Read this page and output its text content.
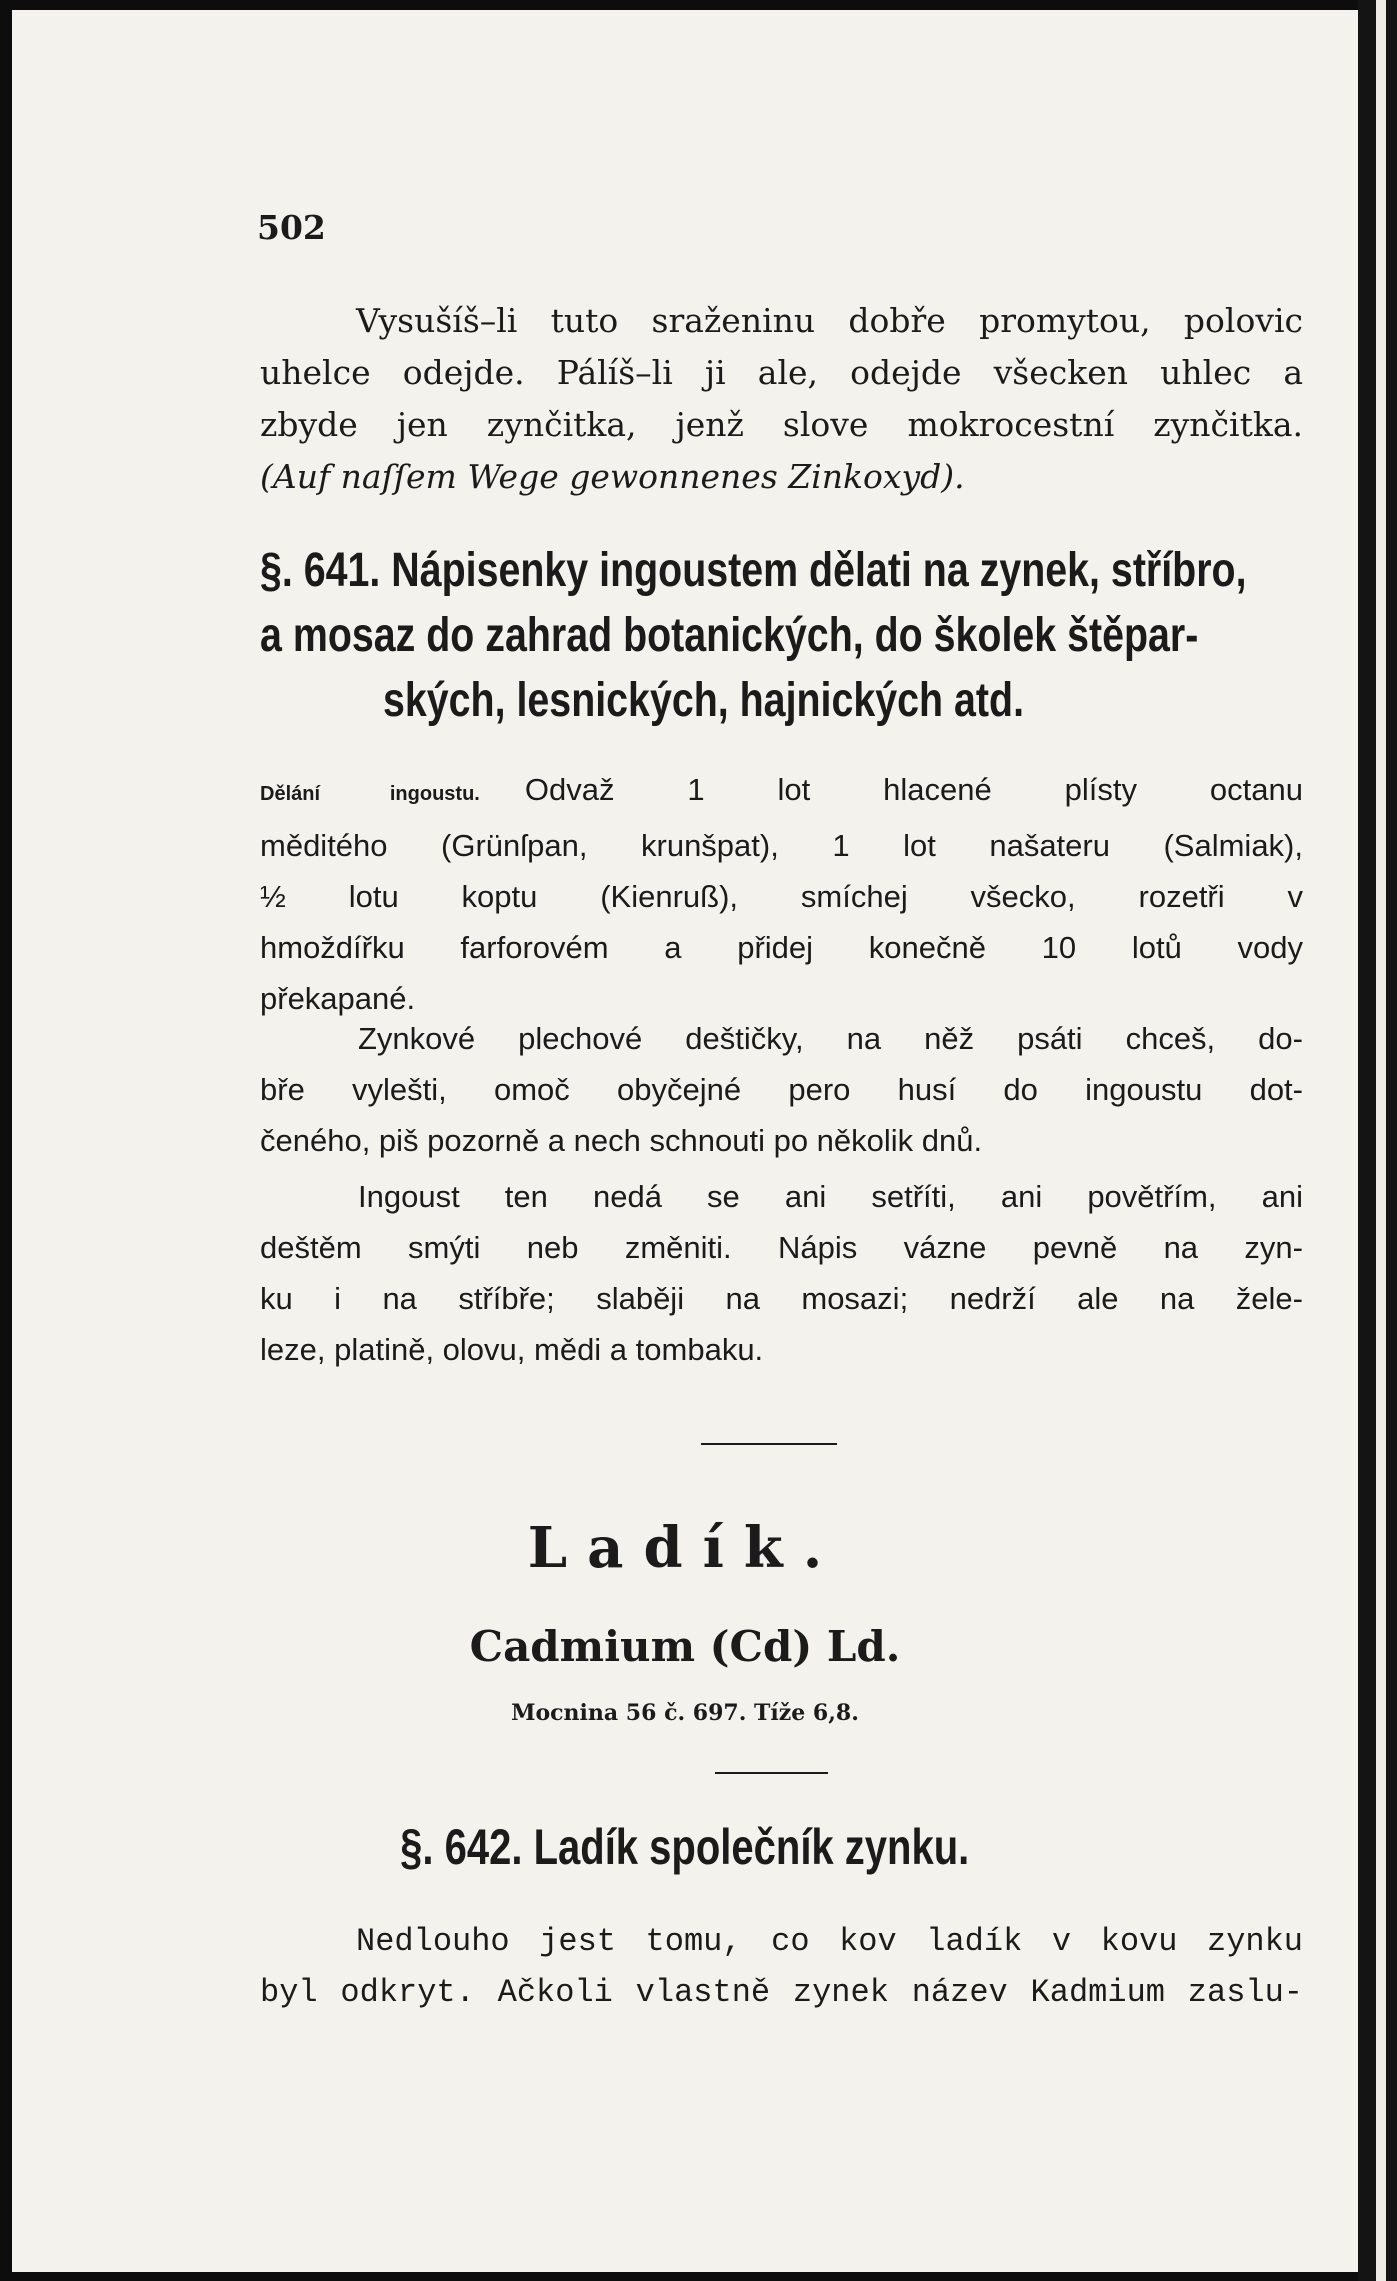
502
Vysušíš–li tuto sraženinu dobře promytou, polovic
uhelce odejde. Pálíš–li ji ale, odejde všecken uhlec a
zbyde jen zynčitka, jenž slove mokrocestní zynčitka.
(Auf naſſem Wege gewonnenes Zinkoxyd).
§. 641. Nápisenky ingoustem dělati na zynek, stříbro,
a mosaz do zahrad botanických, do školek štěpar-
ských, lesnických, hajnických atd.
Dělání ingoustu. Odvaž 1 lot hlacené plísty octanu
měditého (Grünſpan, krunšpat), 1 lot našateru (Salmiak),
½ lotu koptu (Kienruß), smíchej všecko, rozetři v
hmoždířku farforovém a přidej konečně 10 lotů vody
překapané.
Zynkové plechové deštičky, na něž psáti chceš, do-
bře vylešti, omoč obyčejné pero husí do ingoustu dot-
čeného, piš pozorně a nech schnouti po několik dnů.
Ingoust ten nedá se ani setříti, ani povětřím, ani
deštěm smýti neb změniti. Nápis vázne pevně na zyn-
ku i na stříbře; slaběji na mosazi; nedrží ale na žele-
leze, platině, olovu, mědi a tombaku.
Ladík.
Cadmium (Cd) Ld.
Mocnina 56 č. 697. Tíže 6,8.
§. 642. Ladík společník zynku.
Nedlouho jest tomu, co kov ladík v kovu zynku
byl odkryt. Ačkoli vlastně zynek název Kadmium zaslu-
